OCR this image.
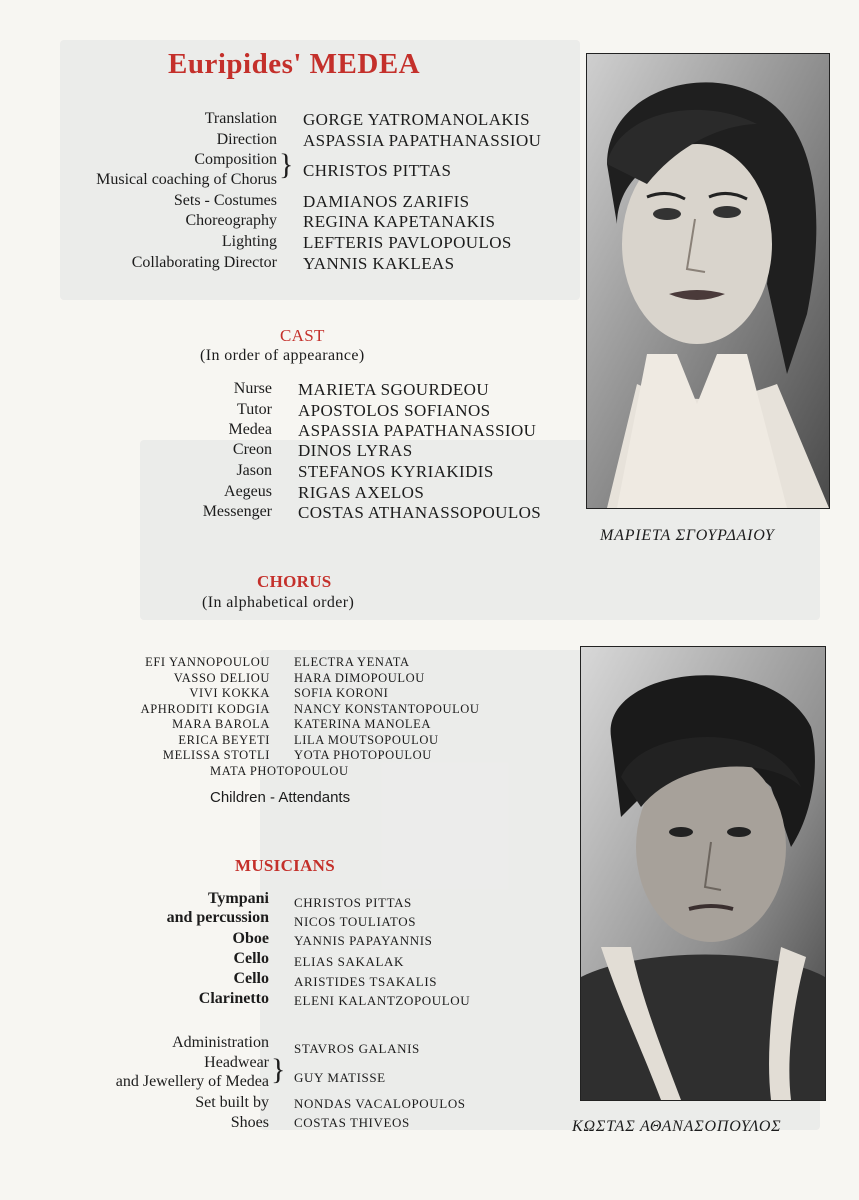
Euripides' MEDEA
Translation GORGE YATROMANOLAKIS
Direction ASPASSIA PAPATHANASSIOU
Composition
Musical coaching of Chorus } CHRISTOS PITTAS
Sets - Costumes DAMIANOS ZARIFIS
Choreography REGINA KAPETANAKIS
Lighting LEFTERIS PAVLOPOULOS
Collaborating Director YANNIS KAKLEAS
CAST
(In order of appearance)
Nurse MARIETA SGOURDEOU
Tutor APOSTOLOS SOFIANOS
Medea ASPASSIA PAPATHANASSIOU
Creon DINOS LYRAS
Jason STEFANOS KYRIAKIDIS
Aegeus RIGAS AXELOS
Messenger COSTAS ATHANASSOPOULOS
CHORUS
(In alphabetical order)
EFI YANNOPOULOU ELECTRA YENATA
VASSO DELIOU HARA DIMOPOULOU
VIVI KOKKA SOFIA KORONI
APHRODITI KODGIA NANCY KONSTANTOPOULOU
MARA BAROLA KATERINA MANOLEA
ERICA BEYETI LILA MOUTSOPOULOU
MELISSA STOTLI YOTA PHOTOPOULOU
MATA PHOTOPOULOU
Children - Attendants
MUSICIANS
Tympani CHRISTOS PITTAS
and percussion NICOS TOULIATOS
Oboe YANNIS PAPAYANNIS
Cello ELIAS SAKALAK
Cello ARISTIDES TSAKALIS
Clarinetto ELENI KALANTZOPOULOU
Administration STAVROS GALANIS
Headwear
and Jewellery of Medea GUY MATISSE
}
Set built by NONDAS VACALOPOULOS
Shoes COSTAS THIVEOS
ΜΑΡΙΕΤΑ ΣΓΟΥΡΔΑΙΟΥ
ΚΩΣΤΑΣ ΑΘΑΝΑΣΟΠΟΥΛΟΣ
